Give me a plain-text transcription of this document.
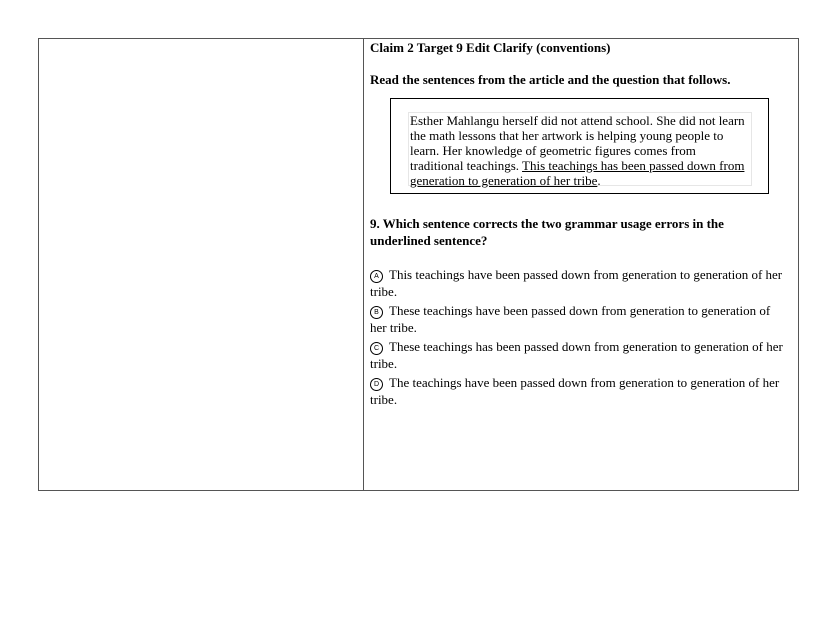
Claim 2 Target 9 Edit Clarify (conventions)
Read the sentences from the article and the question that follows.
Esther Mahlangu herself did not attend school. She did not learn the math lessons that her artwork is helping young people to learn. Her knowledge of geometric figures comes from traditional teachings. This teachings has been passed down from generation to generation of her tribe.
9. Which sentence corrects the two grammar usage errors in the underlined sentence?
A This teachings have been passed down from generation to generation of her tribe.
B These teachings have been passed down from generation to generation of her tribe.
C These teachings has been passed down from generation to generation of her tribe.
D The teachings have been passed down from generation to generation of her tribe.
